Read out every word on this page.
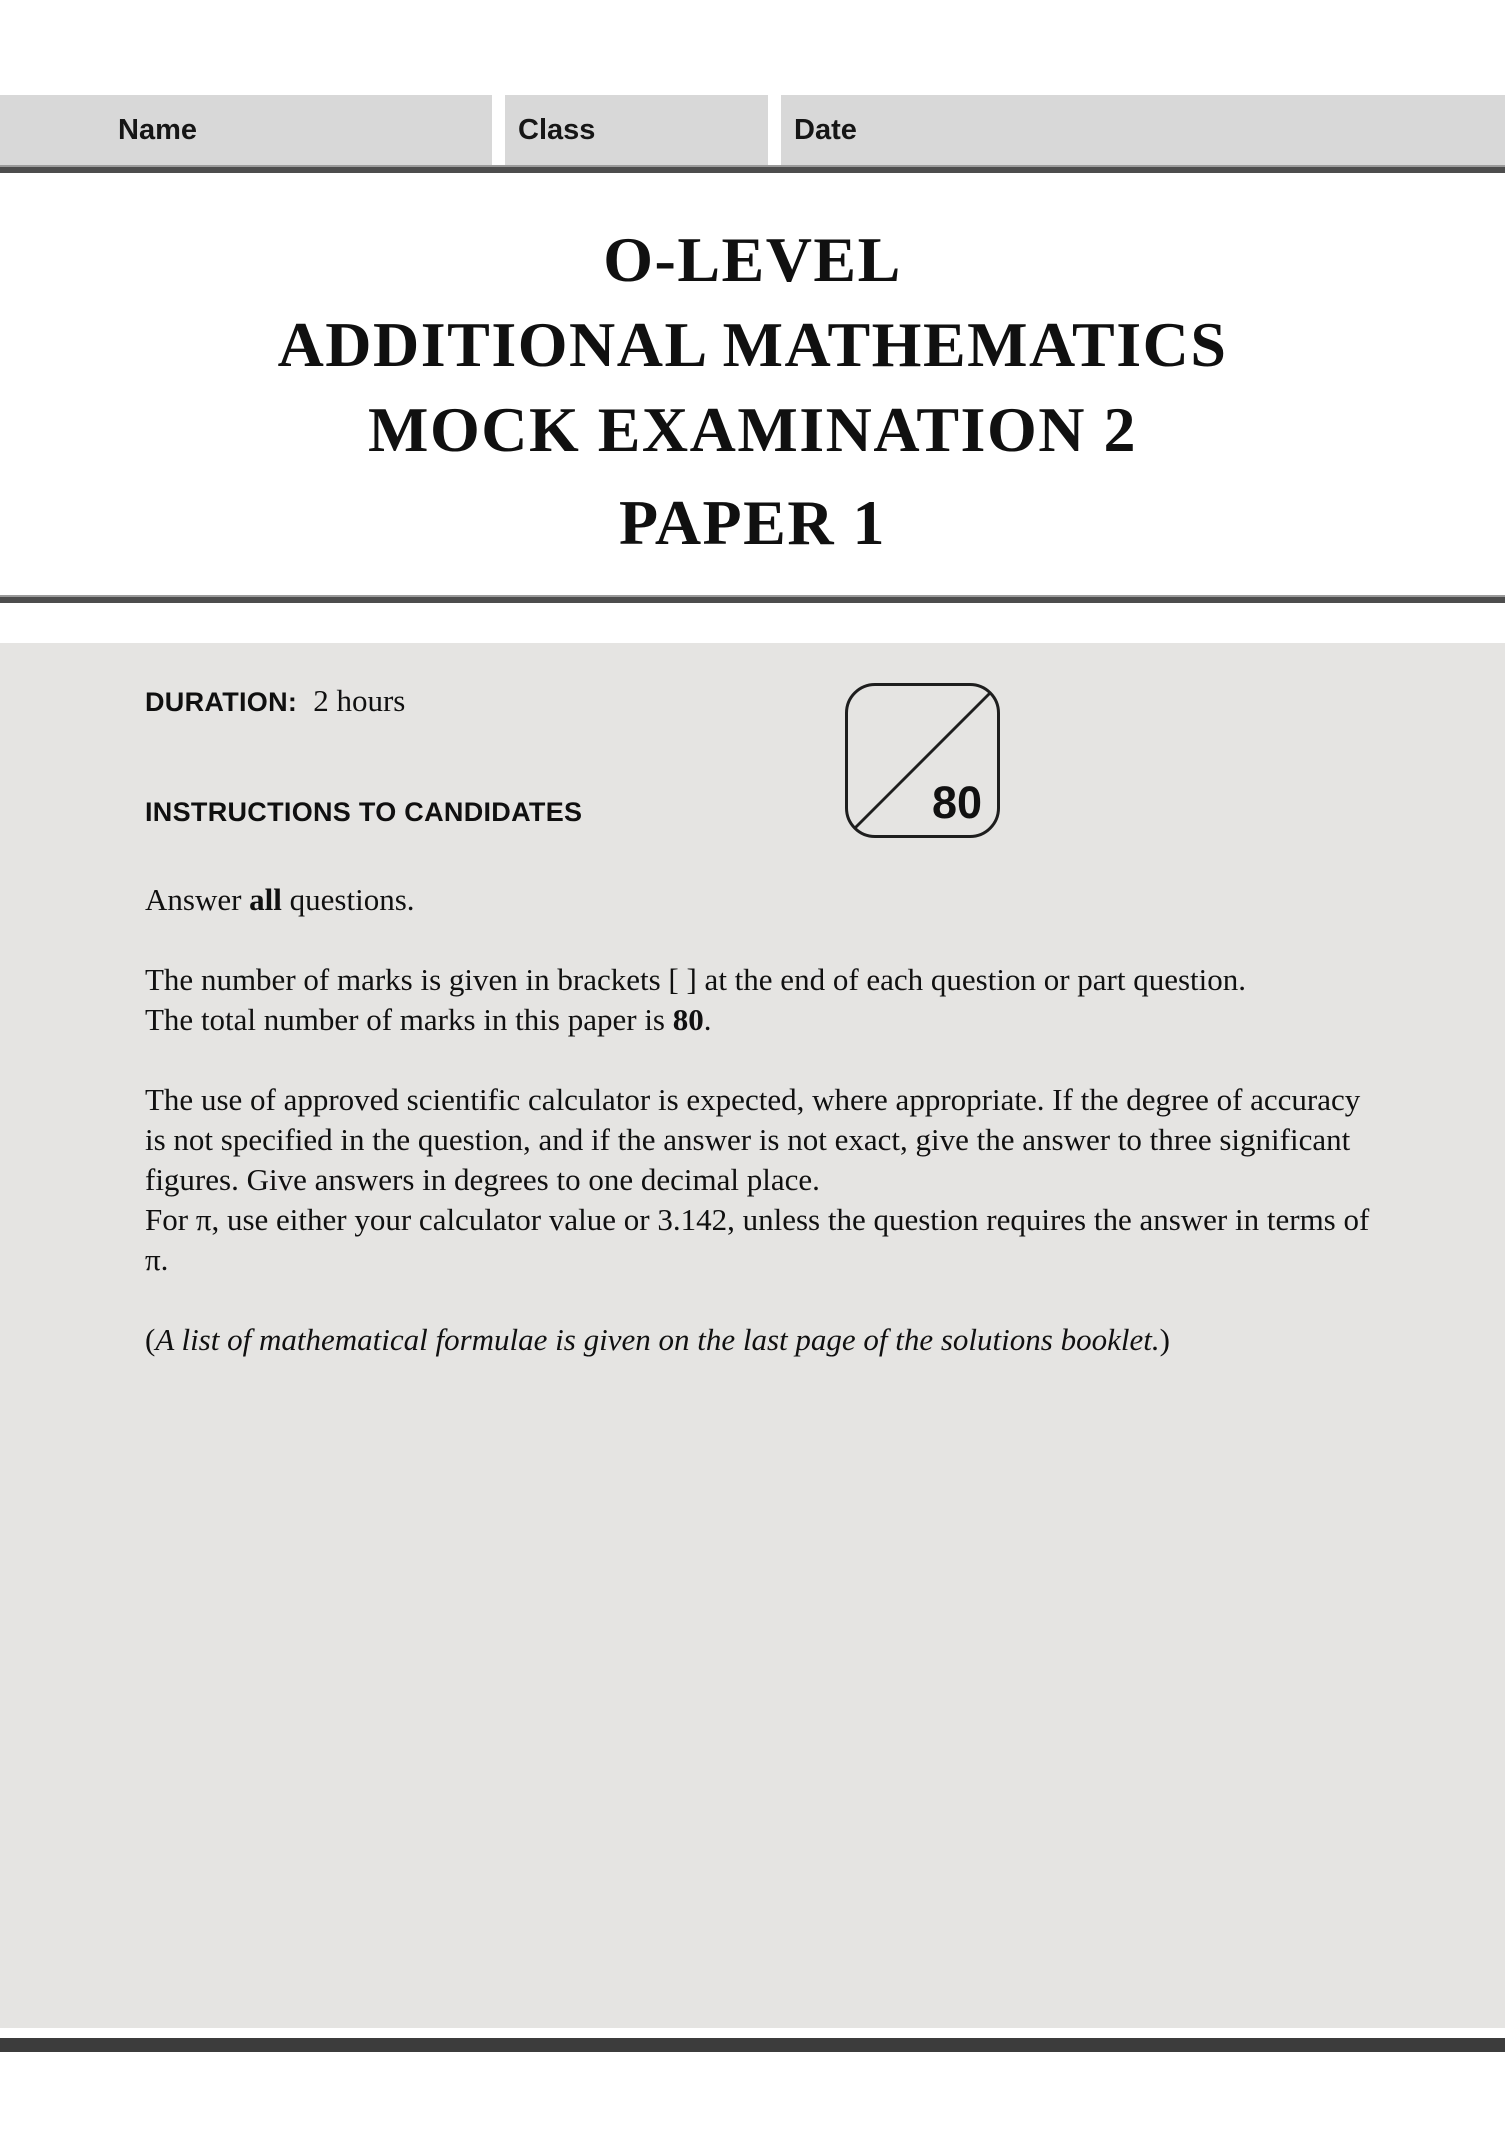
Name	Class	Date
O-LEVEL
ADDITIONAL MATHEMATICS
MOCK EXAMINATION 2
PAPER 1
DURATION: 2 hours
80
INSTRUCTIONS TO CANDIDATES

Answer all questions.

The number of marks is given in brackets [ ] at the end of each question or part question.
The total number of marks in this paper is 80.

The use of approved scientific calculator is expected, where appropriate. If the degree of accuracy is not specified in the question, and if the answer is not exact, give the answer to three significant figures. Give answers in degrees to one decimal place.
For π, use either your calculator value or 3.142, unless the question requires the answer in terms of π.

(A list of mathematical formulae is given on the last page of the solutions booklet.)
